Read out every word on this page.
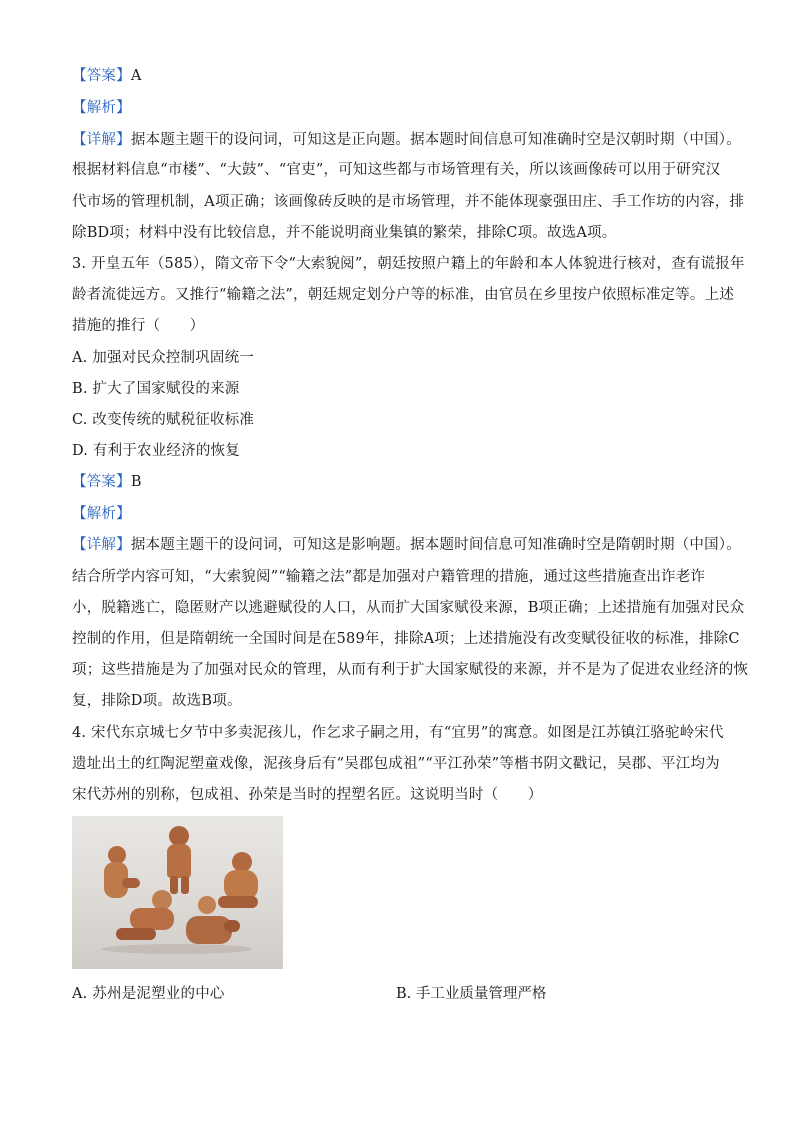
【答案】A
【解析】
【详解】据本题主题干的设问词，可知这是正向题。据本题时间信息可知准确时空是汉朝时期（中国）。
根据材料信息“市楼”、“大鼓”、“官吏”，可知这些都与市场管理有关，所以该画像砖可以用于研究汉
代市场的管理机制，A项正确；该画像砖反映的是市场管理，并不能体现豪强田庄、手工作坊的内容，排
除BD项；材料中没有比较信息，并不能说明商业集镇的繁荣，排除C项。故选A项。
3. 开皇五年（585），隋文帝下令“大索貌阅”，朝廷按照户籍上的年龄和本人体貌进行核对，查有谎报年
龄者流徙远方。又推行“输籍之法”，朝廷规定划分户等的标准，由官员在乡里按户依照标准定等。上述
措施的推行（　　）
A. 加强对民众控制巩固统一
B. 扩大了国家赋役的来源
C. 改变传统的赋税征收标准
D. 有利于农业经济的恢复
【答案】B
【解析】
【详解】据本题主题干的设问词，可知这是影响题。据本题时间信息可知准确时空是隋朝时期（中国）。
结合所学内容可知，“大索貌阅”“输籍之法”都是加强对户籍管理的措施，通过这些措施查出诈老诈
小，脱籍逃亡，隐匿财产以逃避赋役的人口，从而扩大国家赋役来源，B项正确；上述措施有加强对民众
控制的作用，但是隋朝统一全国时间是在589年，排除A项；上述措施没有改变赋役征收的标准，排除C
项；这些措施是为了加强对民众的管理，从而有利于扩大国家赋役的来源，并不是为了促进农业经济的恢
复，排除D项。故选B项。
4. 宋代东京城七夕节中多卖泥孩儿，作乞求子嗣之用，有“宜男”的寓意。如图是江苏镇江骆驼岭宋代
遗址出土的红陶泥塑童戏像，泥孩身后有“吴郡包成祖”“平江孙荣”等楷书阴文戳记，吴郡、平江均为
宋代苏州的别称，包成祖、孙荣是当时的捏塑名匠。这说明当时（　　）
A. 苏州是泥塑业的中心	B. 手工业质量管理严格
